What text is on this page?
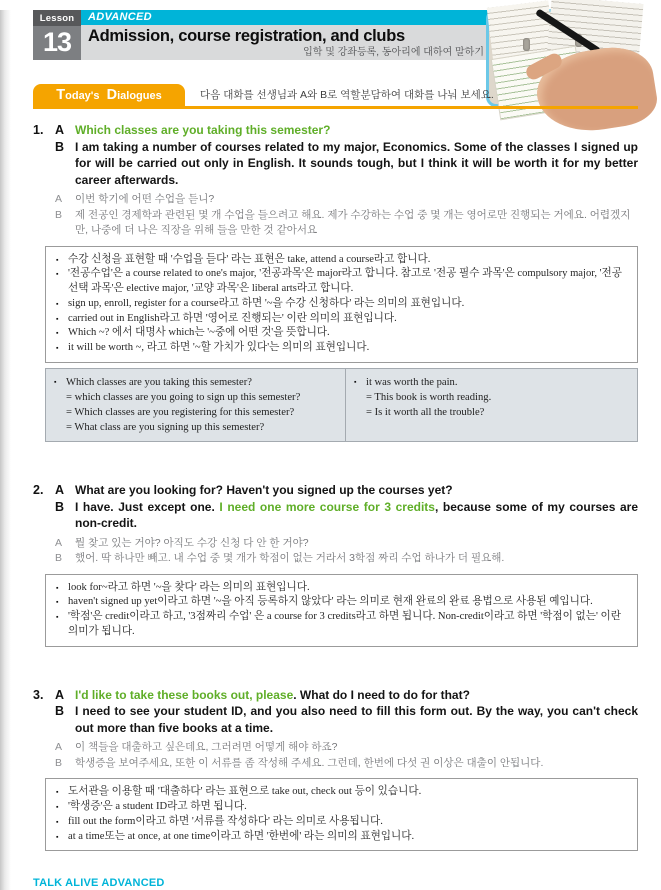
Lesson
13
ADVANCED
Admission, course registration, and clubs
입학 및 강좌등록, 동아리에 대하여 말하기
Today's Dialogues	다음 대화를 선생님과 A와 B로 역할분담하여 대화를 나눠 보세요.
1. A Which classes are you taking this semester?
B I am taking a number of courses related to my major, Economics. Some of the classes I signed up for will be carried out only in English. It sounds tough, but I think it will be worth it for my better career afterwards.
A	이번 학기에 어떤 수업을 듣니?
B	제 전공인 경제학과 관련된 몇 개 수업을 들으려고 해요. 제가 수강하는 수업 중 몇 개는 영어로만 진행되는 거에요. 어렵겠지만, 나중에 더 나은 직장을 위해 들을 만한 것 같아서요
▪ 수강 신청을 표현할 때 '수업을 듣다' 라는 표현은 take, attend a course라고 합니다.
▪ '전공수업'은 a course related to one's major, '전공과목'은 major라고 합니다. 참고로 '전공 필수 과목'은 compulsory major, '전공 선택 과목'은 elective major, '교양 과목'은 liberal arts라고 합니다.
▪ sign up, enroll, register for a course라고 하면 '~을 수강 신청하다' 라는 의미의 표현입니다.
▪ carried out in English라고 하면 '영어로 진행되는' 이란 의미의 표현입니다.
▪ Which ~? 에서 대명사 which는 '~중에 어떤 것'을 뜻합니다.
▪ it will be worth ~, 라고 하면 '~할 가치가 있다'는 의미의 표현입니다.
▪ Which classes are you taking this semester?
= which classes are you going to sign up this semester?
= Which classes are you registering for this semester?
= What class are you signing up this semester?
▪ it was worth the pain.
= This book is worth reading.
= Is it worth all the trouble?
2. A What are you looking for? Haven't you signed up the courses yet?
B I have. Just except one. I need one more course for 3 credits, because some of my courses are non-credit.
A	뭘 찾고 있는 거야? 아직도 수강 신청 다 안 한 거야?
B	했어. 딱 하나만 빼고. 내 수업 중 몇 개가 학점이 없는 거라서 3학점 짜리 수업 하나가 더 필요해.
▪ look for~라고 하면 '~을 찾다' 라는 의미의 표현입니다.
▪ haven't signed up yet이라고 하면 '~을 아직 등록하지 않았다' 라는 의미로 현재 완료의 완료 용법으로 사용된 예입니다.
▪ '학점'은 credit이라고 하고, '3점짜리 수업' 은 a course for 3 credits라고 하면 됩니다. Non-credit이라고 하면 '학점이 없는' 이란 의미가 됩니다.
3. A I'd like to take these books out, please. What do I need to do for that?
B I need to see your student ID, and you also need to fill this form out. By the way, you can't check out more than five books at a time.
A	이 책들을 대출하고 싶은데요, 그러려면 어떻게 해야 하죠?
B	학생증을 보여주세요, 또한 이 서류를 좀 작성해 주세요. 그런데, 한번에 다섯 권 이상은 대출이 안됩니다.
▪ 도서관을 이용할 때 '대출하다' 라는 표현으로 take out, check out 등이 있습니다.
▪ '학생증'은 a student ID라고 하면 됩니다.
▪ fill out the form이라고 하면 '서류를 작성하다' 라는 의미로 사용됩니다.
▪ at a time또는 at once, at one time이라고 하면 '한번에' 라는 의미의 표현입니다.
TALK ALIVE ADVANCED
